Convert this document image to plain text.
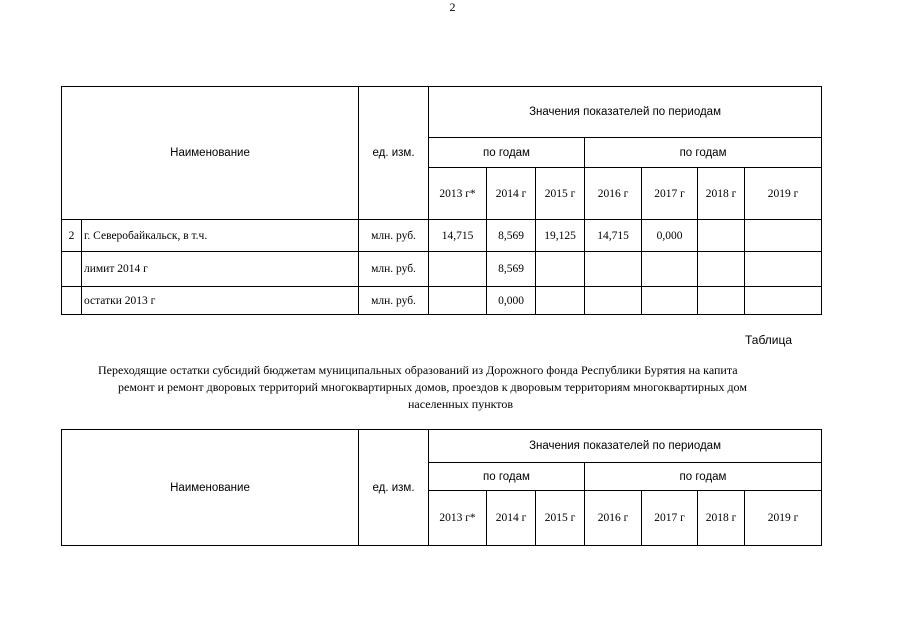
2
Наименование		ед. изм.	Значения показателей по периодам						
			по годам			по годам			
			2013 г*	2014 г	2015 г	2016 г	2017 г	2018 г	2019 г
2	г. Северобайкальск, в т.ч.	млн. руб.	14,715	8,569	19,125	14,715	0,000		
	лимит 2014 г	млн. руб.		8,569					
	остатки 2013 г	млн. руб.		0,000					
Таблица
Переходящие остатки субсидий бюджетам муниципальных образований из Дорожного фонда Республики Бурятия на капита
ремонт и ремонт дворовых территорий многоквартирных домов, проездов к дворовым территориям многоквартирных дом
населенных пунктов
Наименование	ед. изм.	Значения показателей по периодам						
		по годам			по годам			
		2013 г*	2014 г	2015 г	2016 г	2017 г	2018 г	2019 г
